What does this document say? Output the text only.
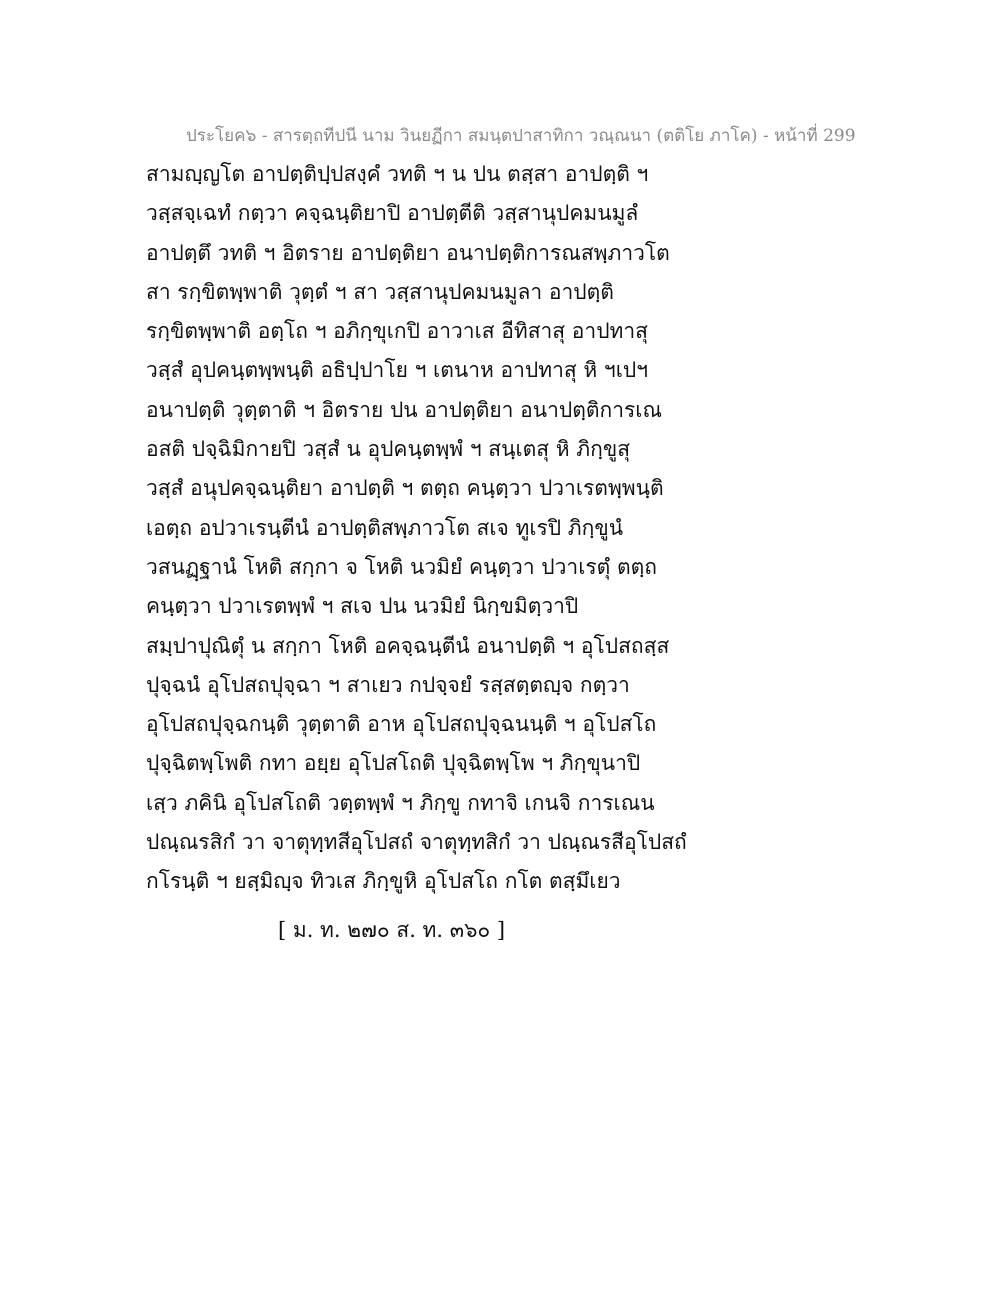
ประโยค๖ - สารตฺถทีปนี นาม วินยฏีกา สมนฺตปาสาทิกา วณฺณนา (ตติโย ภาโค) - หน้าที่ 299
สามญฺญโต อาปตฺติปฺปสงฺคํ วทติ ฯ น ปน ตสฺสา อาปตฺติ ฯ
วสฺสจฺเฉทํ กตฺวา คจฺฉนฺติยาปิ อาปตฺตีติ วสฺสานุปคมนมูลํ
อาปตฺตึ วทติ ฯ อิตราย อาปตฺติยา อนาปตฺติการณสพฺภาวโต
สา รกฺขิตพฺพาติ วุตฺตํ ฯ สา วสฺสานุปคมนมูลา อาปตฺติ
รกฺขิตพฺพาติ อตฺโถ ฯ อภิกฺขุเกปิ อาวาเส อีทิสาสุ อาปทาสุ
วสฺสํ อุปคนฺตพฺพนฺติ อธิปฺปาโย ฯ เตนาห อาปทาสุ หิ ฯเปฯ
อนาปตฺติ วุตฺตาติ ฯ อิตราย ปน อาปตฺติยา อนาปตฺติการเณ
อสติ ปจฺฉิมิกายปิ วสฺสํ น อุปคนฺตพฺพํ ฯ สนฺเตสุ หิ ภิกฺขูสุ
วสฺสํ อนุปคจฺฉนฺติยา อาปตฺติ ฯ ตตฺถ คนฺตฺวา ปวาเรตพฺพนฺติ
เอตฺถ อปวาเรนฺตีนํ อาปตฺติสพฺภาวโต สเจ ทูเรปิ ภิกฺขูนํ
วสนฏฺฐานํ โหติ สกฺกา จ โหติ นวมิยํ คนฺตฺวา ปวาเรตุํ ตตฺถ
คนฺตฺวา ปวาเรตพฺพํ ฯ สเจ ปน นวมิยํ นิกฺขมิตฺวาปิ
สมฺปาปุณิตุํ น สกฺกา โหติ อคจฺฉนฺตีนํ อนาปตฺติ ฯ อุโปสถสฺส
ปุจฺฉนํ อุโปสถปุจฺฉา ฯ สาเยว กปจฺจยํ รสฺสตฺตญฺจ กตฺวา
อุโปสถปุจฺฉกนฺติ วุตฺตาติ อาห อุโปสถปุจฺฉนนฺติ ฯ อุโปสโถ
ปุจฺฉิตพฺโพติ กทา อยฺย อุโปสโถติ ปุจฺฉิตพฺโพ ฯ ภิกฺขุนาปิ
เสฺว ภคินิ อุโปสโถติ วตฺตพฺพํ ฯ ภิกฺขู กทาจิ เกนจิ การเณน
ปณฺณรสิกํ วา จาตุทฺทสีอุโปสถํ จาตุทฺทสิกํ วา ปณฺณรสีอุโปสถํ
กโรนฺติ ฯ ยสฺมิญฺจ ทิวเส ภิกฺขูหิ อุโปสโถ กโต ตสฺมึเยว
[ ม. ท. ๒๗๐ ส. ท. ๓๖๐ ]
